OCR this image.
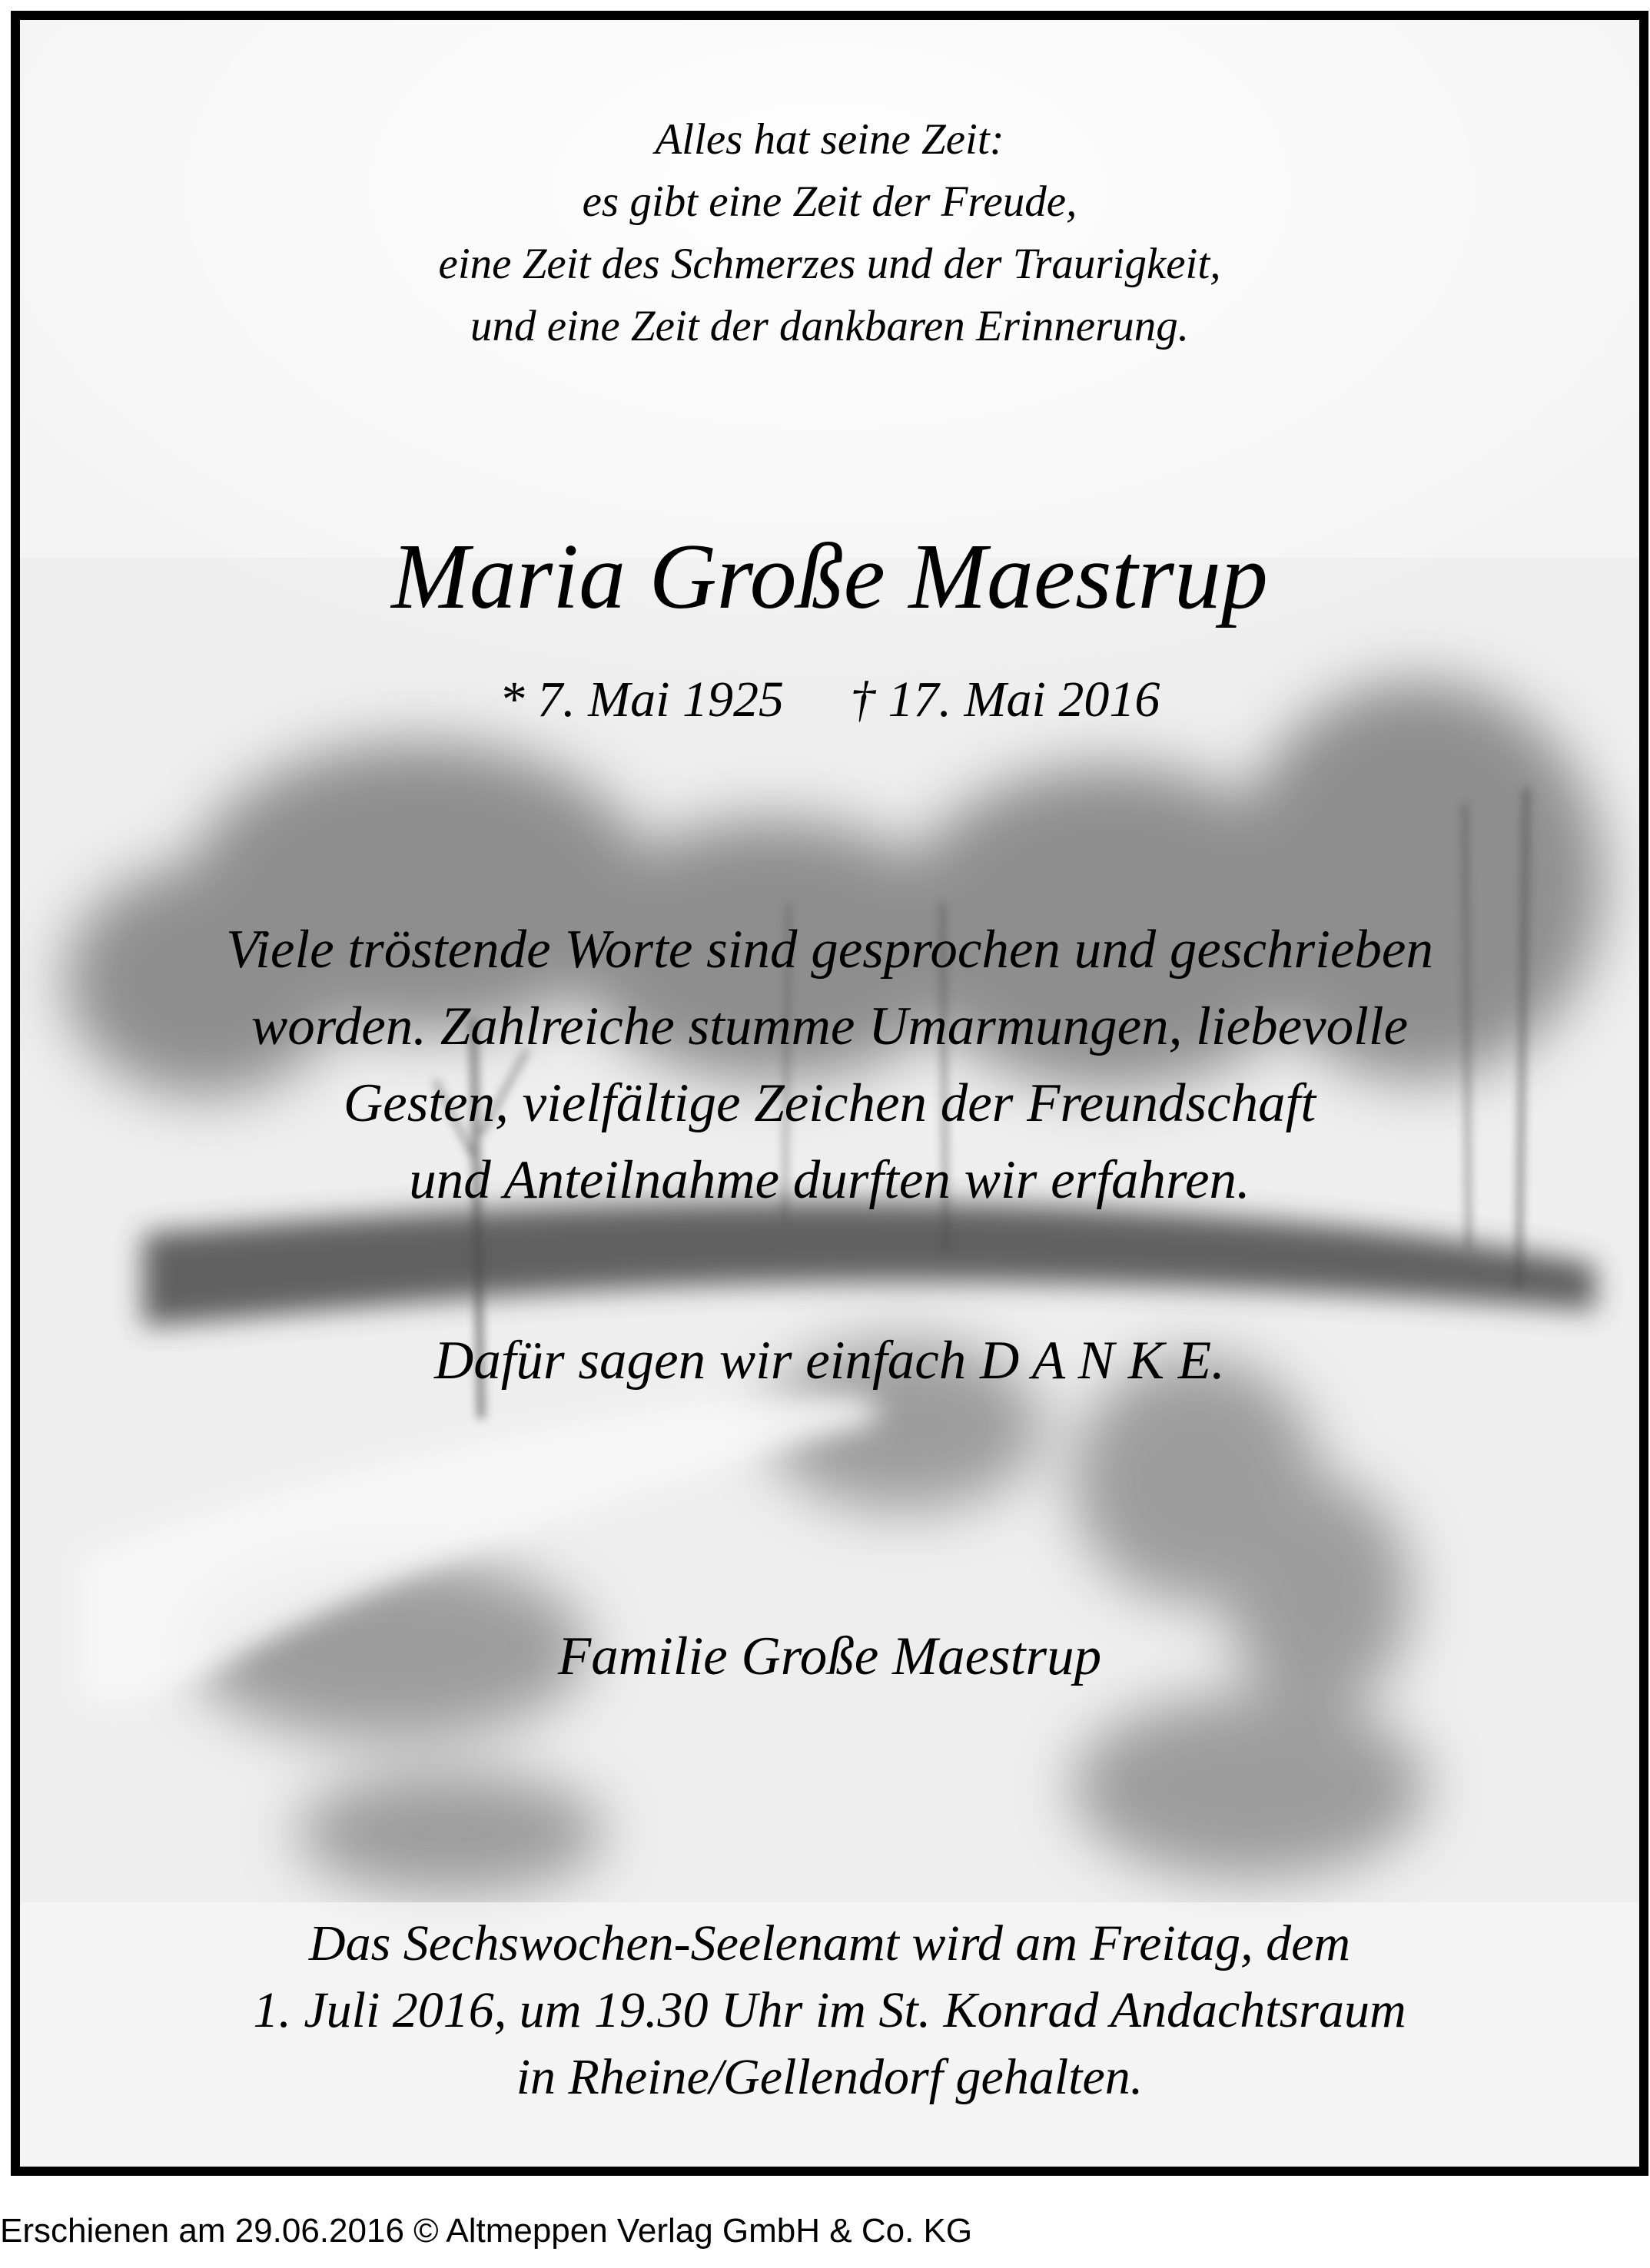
Alles hat seine Zeit:
es gibt eine Zeit der Freude,
eine Zeit des Schmerzes und der Traurigkeit,
und eine Zeit der dankbaren Erinnerung.
Maria Große Maestrup
* 7. Mai 1925 † 17. Mai 2016
Viele tröstende Worte sind gesprochen und geschrieben
worden. Zahlreiche stumme Umarmungen, liebevolle
Gesten, vielfältige Zeichen der Freundschaft
und Anteilnahme durften wir erfahren.
Dafür sagen wir einfach D A N K E.
Familie Große Maestrup
Das Sechswochen-Seelenamt wird am Freitag, dem
1. Juli 2016, um 19.30 Uhr im St. Konrad Andachtsraum
in Rheine/Gellendorf gehalten.
Erschienen am 29.06.2016 © Altmeppen Verlag GmbH & Co. KG
